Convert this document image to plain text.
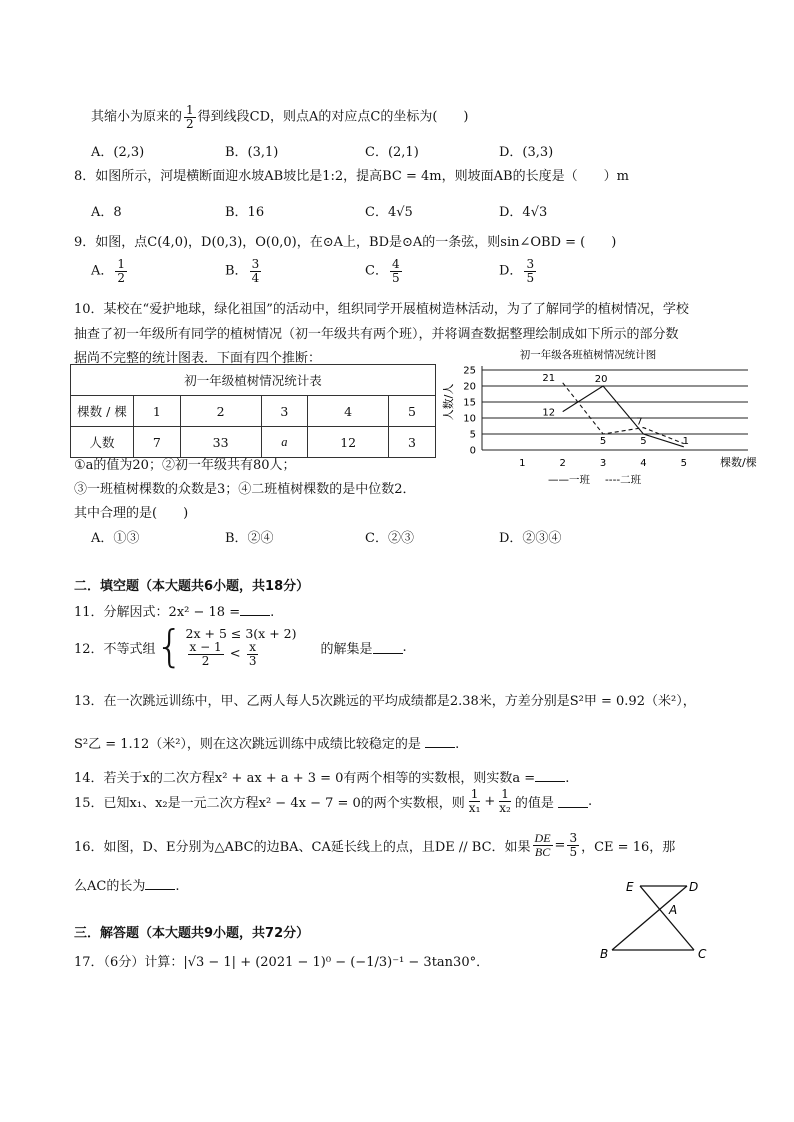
其缩小为原来的 $\frac{1}{2}$ 得到线段CD，则点A的对应点C的坐标为(　　)
A．(2,3)	B．(3,1)	C．(2,1)	D．(3,3)
8．如图所示，河堤横断面迎水坡AB坡比是1:2，提高BC = 4m，则坡面AB的长度是（　　）m
A．8	B．16	C．4√5	D．4√3
9．如图，点C(4,0)，D(0,3)，O(0,0)，在⊙A上，BD是⊙A的一条弦，则sin∠OBD = (　　)
A． $\frac{1}{2}$	B． $\frac{3}{4}$	C． $\frac{4}{5}$	D． $\frac{3}{5}$
10．某校在“爱护地球，绿化祖国”的活动中，组织同学开展植树造林活动，为了了解同学的植树情况，学校
抽查了初一年级所有同学的植树情况（初一年级共有两个班），并将调查数据整理绘制成如下所示的部分数
据尚不完整的统计图表．下面有四个推断：
初一年级植树情况统计表					
棵数 / 棵	1	2	3	4	5
人数	7	33	a	12	3
初一年级各班植树情况统计图
人数/人
0
5
10
15
20
25
1	2	3	4	5	棵数/棵
12
20
5	1
21
5
7
——一班 ----二班
①a的值为20；②初一年级共有80人；
③一班植树棵数的众数是3；④二班植树棵数的是中位数2．
其中合理的是(　　)
A．①③	B．②④	C．②③	D．②③④
二．填空题（本大题共6小题，共18分）
11．分解因式：2x² − 18 = .
12．不等式组 { 2x + 5 ≤ 3(x + 2)
$\frac{x - 1}{2} < \frac{x}{3}$	的解集是 .
13．在一次跳远训练中，甲、乙两人每人5次跳远的平均成绩都是2.38米，方差分别是S²甲 = 0.92（米²），
S²乙 = 1.12（米²），则在这次跳远训练中成绩比较稳定的是	.
14．若关于x的二次方程x² + ax + a + 3 = 0有两个相等的实数根，则实数a = .
15．已知x₁、x₂是一元二次方程x² − 4x − 7 = 0的两个实数根，则 $\frac{1}{\text{x₁}} + \frac{1}{\text{x₂}}$ 的值是
	.
16．如图，D、E分别为△ABC的边BA、CA延长线上的点，且DE // BC．如果 $\frac{DE}{BC} = \frac{3}{5}$ ，CE = 16，那
么AC的长为 .	E	D
A
B	C
三．解答题（本大题共9小题，共72分）
17．（6分）计算：|√3 − 1| + (2021 − 1)⁰ − (−1/3)⁻¹ − 3tan30°．
